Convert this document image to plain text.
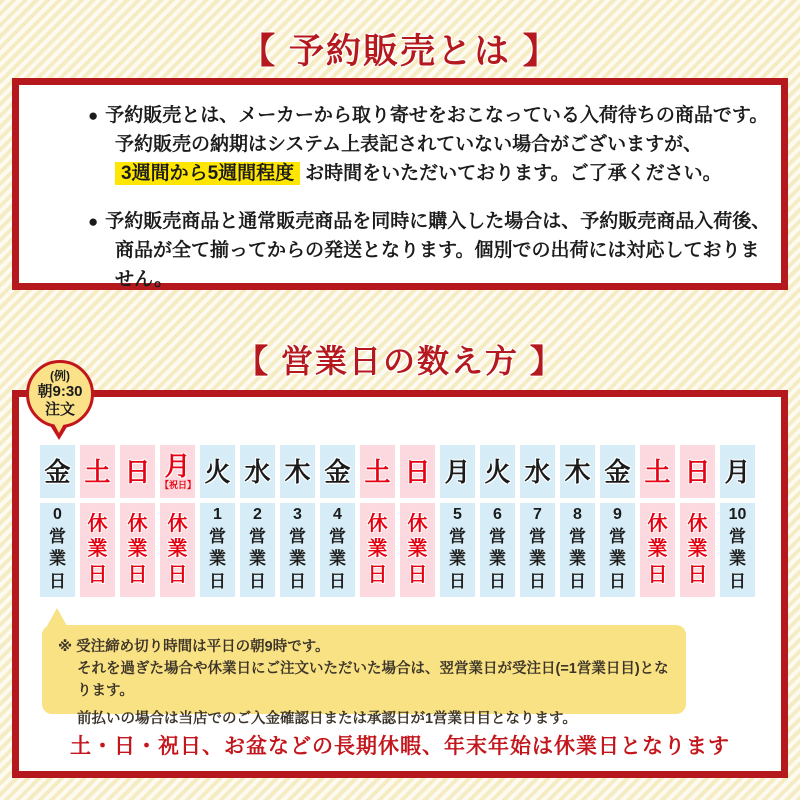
【 予約販売とは 】
● 予約販売とは、メーカーから取り寄せをおこなっている入荷待ちの商品です。
予約販売の納期はシステム上表記されていない場合がございますが、
3週間から5週間程度 お時間をいただいております。ご了承ください。
● 予約販売商品と通常販売商品を同時に購入した場合は、予約販売商品入荷後、
商品が全て揃ってからの発送となります。個別での出荷には対応しておりません。
【 営業日の数え方 】
(例)
朝9:30
注文
金
0
営
業
日
土
休
業
日
日
休
業
日
月
【祝日】
休
業
日
火
1
営
業
日
水
2
営
業
日
木
3
営
業
日
金
4
営
業
日
土
休
業
日
日
休
業
日
月
5
営
業
日
火
6
営
業
日
水
7
営
業
日
木
8
営
業
日
金
9
営
業
日
土
休
業
日
日
休
業
日
月
10
営
業
日
※ 受注締め切り時間は平日の朝9時です。
それを過ぎた場合や休業日にご注文いただいた場合は、翌営業日が受注日(=1営業日目)となります。
前払いの場合は当店でのご入金確認日または承認日が1営業日目となります。
土・日・祝日、お盆などの長期休暇、年末年始は休業日となります
